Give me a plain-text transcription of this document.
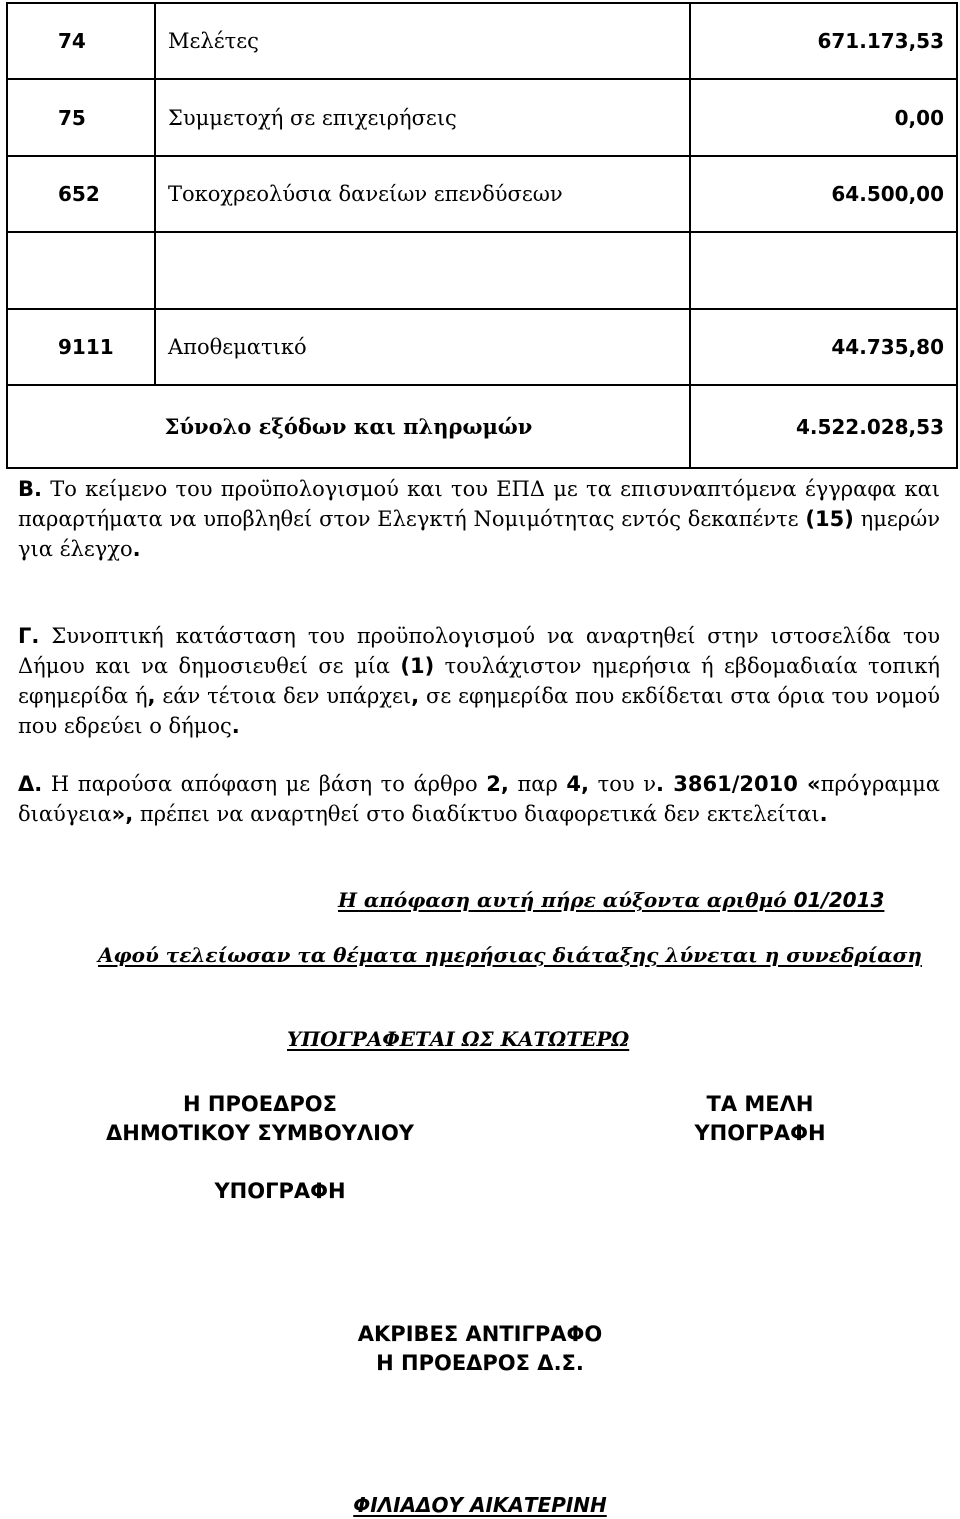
74	Μελέτες	671.173,53
75	Συμμετοχή σε επιχειρήσεις	0,00
652	Τοκοχρεολύσια δανείων επενδύσεων	64.500,00

9111	Αποθεματικό	44.735,80
Σύνολο εξόδων και πληρωμών		4.522.028,53

Β. Το κείμενο του προϋπολογισμού και του ΕΠΔ με τα επισυναπτόμενα έγγραφα και παραρτήματα να υποβληθεί στον Ελεγκτή Νομιμότητας εντός δεκαπέντε (15) ημερών για έλεγχο.

Γ. Συνοπτική κατάσταση του προϋπολογισμού να αναρτηθεί στην ιστοσελίδα του Δήμου και να δημοσιευθεί σε μία (1) τουλάχιστον ημερήσια ή εβδομαδιαία τοπική εφημερίδα ή, εάν τέτοια δεν υπάρχει, σε εφημερίδα που εκδίδεται στα όρια του νομού που εδρεύει ο δήμος.

Δ. Η παρούσα απόφαση με βάση το άρθρο 2, παρ 4, του ν. 3861/2010 «πρόγραμμα διαύγεια», πρέπει να αναρτηθεί στο διαδίκτυο διαφορετικά δεν εκτελείται.

Η απόφαση αυτή πήρε αύξοντα αριθμό 01/2013
Αφού τελείωσαν τα θέματα ημερήσιας διάταξης λύνεται η συνεδρίαση
ΥΠΟΓΡΑΦΕΤΑΙ ΩΣ ΚΑΤΩΤΕΡΩ
Η ΠΡΟΕΔΡΟΣ
ΔΗΜΟΤΙΚΟΥ ΣΥΜΒΟΥΛΙΟΥ
ΤΑ ΜΕΛΗ
ΥΠΟΓΡΑΦΗ
ΥΠΟΓΡΑΦΗ
ΑΚΡΙΒΕΣ ΑΝΤΙΓΡΑΦΟ
Η ΠΡΟΕΔΡΟΣ Δ.Σ.
ΦΙΛΙΑΔΟΥ ΑΙΚΑΤΕΡΙΝΗ
